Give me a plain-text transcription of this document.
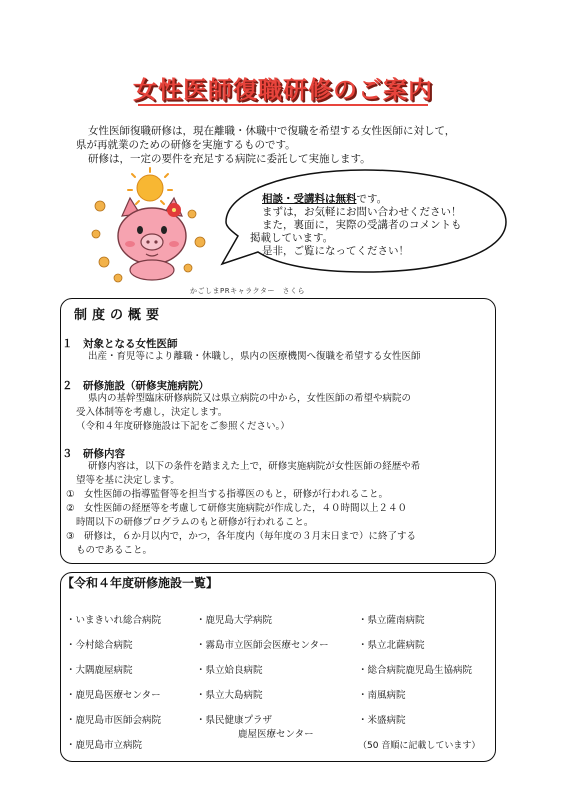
女性医師復職研修のご案内
女性医師復職研修は，現在離職・休職中で復職を希望する女性医師に対して，
県が再就業のための研修を実施するものです。
研修は，一定の要件を充足する病院に委託して実施します。
かごしまPRキャラクター　さくら
相談・受講料は無料です。
まずは，お気軽にお問い合わせください！
また，裏面に，実際の受講者のコメントも
掲載しています。
是非，ご覧になってください！
制度の概要
１　対象となる女性医師
出産・育児等により離職・休職し，県内の医療機関へ復職を希望する女性医師
２　研修施設（研修実施病院）
県内の基幹型臨床研修病院又は県立病院の中から，女性医師の希望や病院の
受入体制等を考慮し，決定します。
（令和４年度研修施設は下記をご参照ください。）
３　研修内容
研修内容は，以下の条件を踏まえた上で，研修実施病院が女性医師の経歴や希
望等を基に決定します。
①　女性医師の指導監督等を担当する指導医のもと，研修が行われること。
②　女性医師の経歴等を考慮して研修実施病院が作成した，４０時間以上２４０
時間以下の研修プログラムのもと研修が行われること。
③　研修は，６か月以内で，かつ，各年度内（毎年度の３月末日まで）に終了する
ものであること。
【令和４年度研修施設一覧】
・いまきいれ総合病院
・今村総合病院
・大隅鹿屋病院
・鹿児島医療センター
・鹿児島市医師会病院
・鹿児島市立病院
・鹿児島大学病院
・霧島市立医師会医療センター
・県立姶良病院
・県立大島病院
・県民健康プラザ
鹿屋医療センター
・県立薩南病院
・県立北薩病院
・総合病院鹿児島生協病院
・南風病院
・米盛病院
（50 音順に記載しています）
